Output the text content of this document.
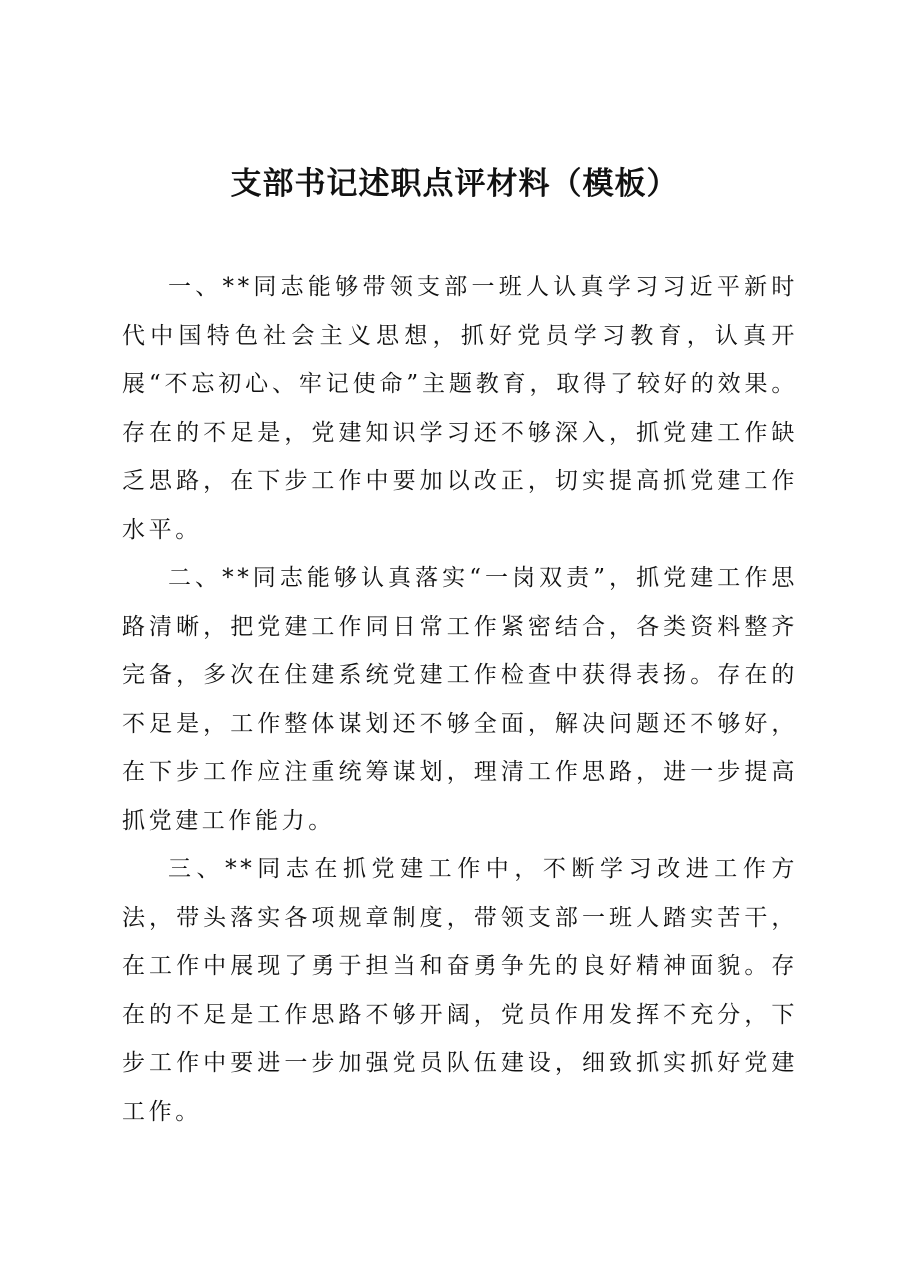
支部书记述职点评材料（模板）

一、**同志能够带领支部一班人认真学习习近平新时代中国特色社会主义思想，抓好党员学习教育，认真开展“不忘初心、牢记使命”主题教育，取得了较好的效果。存在的不足是，党建知识学习还不够深入，抓党建工作缺乏思路，在下步工作中要加以改正，切实提高抓党建工作水平。

二、**同志能够认真落实“一岗双责”，抓党建工作思路清晰，把党建工作同日常工作紧密结合，各类资料整齐完备，多次在住建系统党建工作检查中获得表扬。存在的不足是，工作整体谋划还不够全面，解决问题还不够好，在下步工作应注重统筹谋划，理清工作思路，进一步提高抓党建工作能力。

三、**同志在抓党建工作中，不断学习改进工作方法，带头落实各项规章制度，带领支部一班人踏实苦干，在工作中展现了勇于担当和奋勇争先的良好精神面貌。存在的不足是工作思路不够开阔，党员作用发挥不充分，下步工作中要进一步加强党员队伍建设，细致抓实抓好党建工作。
